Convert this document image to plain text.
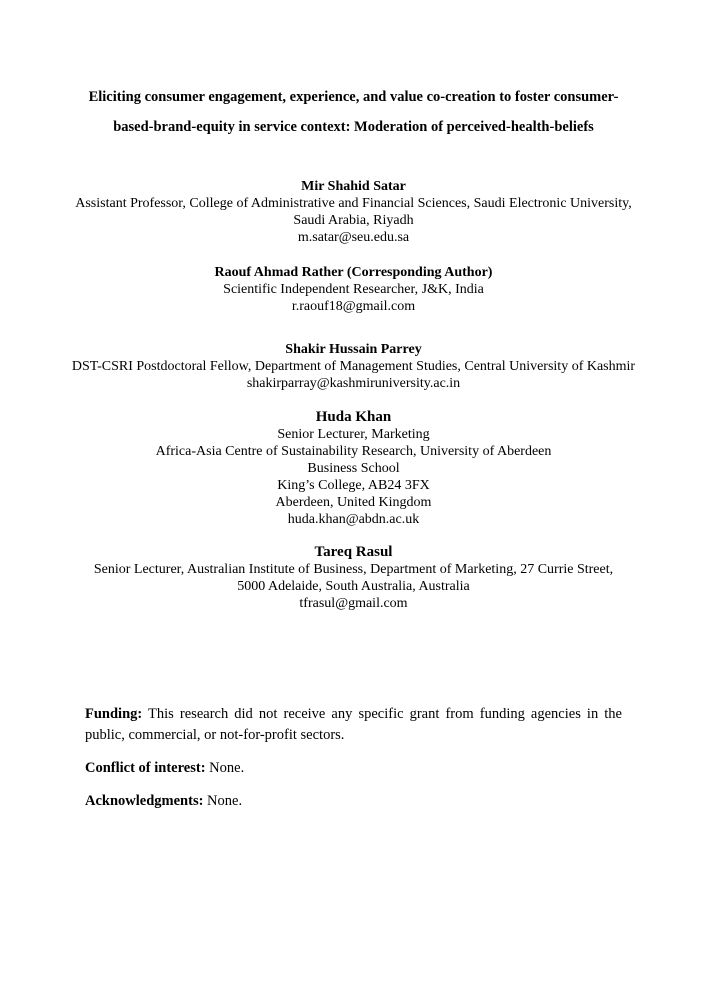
Eliciting consumer engagement, experience, and value co-creation to foster consumer-
based-brand-equity in service context: Moderation of perceived-health-beliefs
Mir Shahid Satar
Assistant Professor, College of Administrative and Financial Sciences, Saudi Electronic University,
Saudi Arabia, Riyadh
m.satar@seu.edu.sa
Raouf Ahmad Rather (Corresponding Author)
Scientific Independent Researcher, J&K, India
r.raouf18@gmail.com
Shakir Hussain Parrey
DST-CSRI Postdoctoral Fellow, Department of Management Studies, Central University of Kashmir
shakirparray@kashmiruniversity.ac.in
Huda Khan
Senior Lecturer, Marketing
Africa-Asia Centre of Sustainability Research, University of Aberdeen
Business School
King’s College, AB24 3FX
Aberdeen, United Kingdom
huda.khan@abdn.ac.uk
Tareq Rasul
Senior Lecturer, Australian Institute of Business, Department of Marketing, 27 Currie Street,
5000 Adelaide, South Australia, Australia
tfrasul@gmail.com
Funding: This research did not receive any specific grant from funding agencies in the public, commercial, or not-for-profit sectors.
Conflict of interest: None.
Acknowledgments: None.
